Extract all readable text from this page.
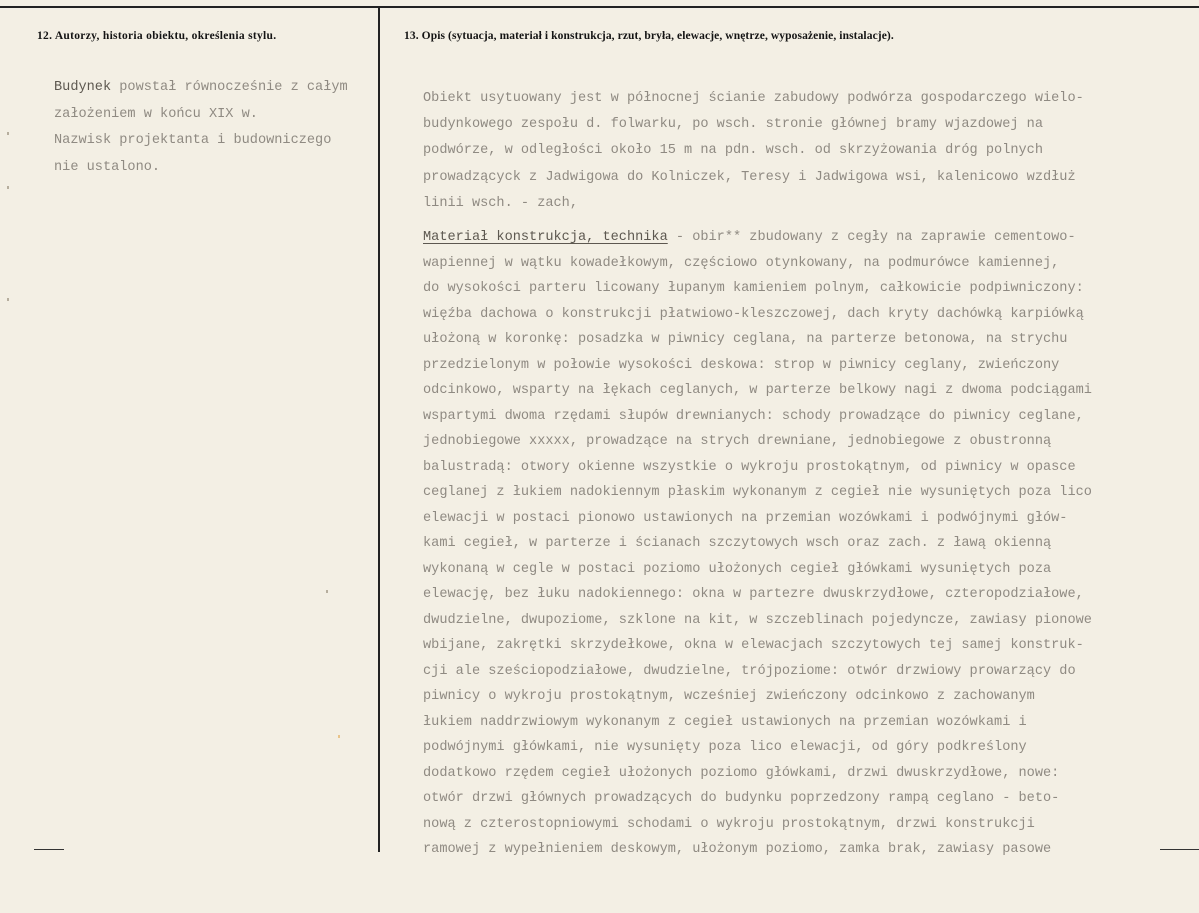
12. Autorzy, historia obiektu, określenia stylu.	13. Opis (sytuacja, materiał i konstrukcja, rzut, bryła, elewacje, wnętrze, wyposażenie, instalacje).
Budynek powstał równocześnie z całym
założeniem w końcu XIX w.
Nazwisk projektanta i budowniczego
nie ustalono.
Obiekt usytuowany jest w północnej ścianie zabudowy podwórza gospodarczego wielo-
budynkowego zespołu d. folwarku, po wsch. stronie głównej bramy wjazdowej na
podwórze, w odległości około 15 m na pdn. wsch. od skrzyżowania dróg polnych
prowadzącyck z Jadwigowa do Kolniczek, Teresy i Jadwigowa wsi, kalenicowo wzdłuż
linii wsch. - zach,
Materiał konstrukcja, technika - obir** zbudowany z cegły na zaprawie cementowo-
wapiennej w wątku kowadełkowym, częściowo otynkowany, na podmurówce kamiennej,
do wysokości parteru licowany łupanym kamieniem polnym, całkowicie podpiwniczony:
więźba dachowa o konstrukcji płatwiowo-kleszczowej, dach kryty dachówką karpiówką
ułożoną w koronkę: posadzka w piwnicy ceglana, na parterze betonowa, na strychu
przedzielonym w połowie wysokości deskowa: strop w piwnicy ceglany, zwieńczony
odcinkowo, wsparty na łękach ceglanych, w parterze belkowy nagi z dwoma podciągami
wspartymi dwoma rzędami słupów drewnianych: schody prowadzące do piwnicy ceglane,
jednobiegowe xxxxx, prowadzące na strych drewniane, jednobiegowe z obustronną
balustradą: otwory okienne wszystkie o wykroju prostokątnym, od piwnicy w opasce
ceglanej z łukiem nadokiennym płaskim wykonanym z cegieł nie wysuniętych poza lico
elewacji w postaci pionowo ustawionych na przemian wozówkami i podwójnymi głów-
kami cegieł, w parterze i ścianach szczytowych wsch oraz zach. z ławą okienną
wykonaną w cegle w postaci poziomo ułożonych cegieł główkami wysuniętych poza
elewację, bez łuku nadokiennego: okna w partezre dwuskrzydłowe, czteropodziałowe,
dwudzielne, dwupoziome, szklone na kit, w szczeblinach pojedyncze, zawiasy pionowe
wbijane, zakrętki skrzydełkowe, okna w elewacjach szczytowych tej samej konstruk-
cji ale sześciopodziałowe, dwudzielne, trójpoziome: otwór drzwiowy prowarzący do
piwnicy o wykroju prostokątnym, wcześniej zwieńczony odcinkowo z zachowanym
łukiem naddrzwiowym wykonanym z cegieł ustawionych na przemian wozówkami i
podwójnymi główkami, nie wysunięty poza lico elewacji, od góry podkreślony
dodatkowo rzędem cegieł ułożonych poziomo główkami, drzwi dwuskrzydłowe, nowe:
otwór drzwi głównych prowadzących do budynku poprzedzony rampą ceglano - beto-
nową z czterostopniowymi schodami o wykroju prostokątnym, drzwi konstrukcji
ramowej z wypełnieniem deskowym, ułożonym poziomo, zamka brak, zawiasy pasowe
